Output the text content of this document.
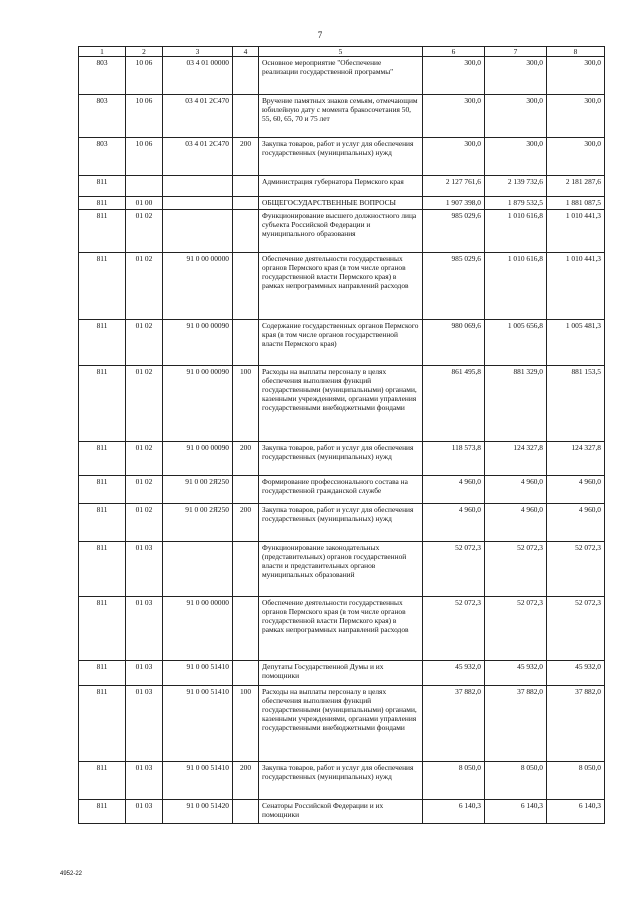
7
1	2	3	4	5	6	7	8
803	10 06	03 4 01 00000		Основное мероприятие "Обеспечение реализации государственной программы"	300,0	300,0	300,0
803	10 06	03 4 01 2С470		Вручение памятных знаков семьям, отмечающим юбилейную дату с момента бракосочетания 50, 55, 60, 65, 70 и 75 лет	300,0	300,0	300,0
803	10 06	03 4 01 2С470	200	Закупка товаров, работ и услуг для обеспечения государственных (муниципальных) нужд	300,0	300,0	300,0
811				Администрация губернатора Пермского края	2 127 761,6	2 139 732,6	2 181 287,6
811	01 00			ОБЩЕГОСУДАРСТВЕННЫЕ ВОПРОСЫ	1 907 398,0	1 879 532,5	1 881 087,5
811	01 02			Функционирование высшего должностного лица субъекта Российской Федерации и муниципального образования	985 029,6	1 010 616,8	1 010 441,3
811	01 02	91 0 00 00000		Обеспечение деятельности государственных органов Пермского края (в том числе органов государственной власти Пермского края) в рамках непрограммных направлений расходов	985 029,6	1 010 616,8	1 010 441,3
811	01 02	91 0 00 00090		Содержание государственных органов Пермского края (в том числе органов государственной власти Пермского края)	980 069,6	1 005 656,8	1 005 481,3
811	01 02	91 0 00 00090	100	Расходы на выплаты персоналу в целях обеспечения выполнения функций государственными (муниципальными) органами, казенными учреждениями, органами управления государственными внебюджетными фондами	861 495,8	881 329,0	881 153,5
811	01 02	91 0 00 00090	200	Закупка товаров, работ и услуг для обеспечения государственных (муниципальных) нужд	118 573,8	124 327,8	124 327,8
811	01 02	91 0 00 2Я250		Формирование профессионального состава на государственной гражданской службе	4 960,0	4 960,0	4 960,0
811	01 02	91 0 00 2Я250	200	Закупка товаров, работ и услуг для обеспечения государственных (муниципальных) нужд	4 960,0	4 960,0	4 960,0
811	01 03			Функционирование законодательных (представительных) органов государственной власти и представительных органов муниципальных образований	52 072,3	52 072,3	52 072,3
811	01 03	91 0 00 00000		Обеспечение деятельности государственных органов Пермского края (в том числе органов государственной власти Пермского края) в рамках непрограммных направлений расходов	52 072,3	52 072,3	52 072,3
811	01 03	91 0 00 51410		Депутаты Государственной Думы и их помощники	45 932,0	45 932,0	45 932,0
811	01 03	91 0 00 51410	100	Расходы на выплаты персоналу в целях обеспечения выполнения функций государственными (муниципальными) органами, казенными учреждениями, органами управления государственными внебюджетными фондами	37 882,0	37 882,0	37 882,0
811	01 03	91 0 00 51410	200	Закупка товаров, работ и услуг для обеспечения государственных (муниципальных) нужд	8 050,0	8 050,0	8 050,0
811	01 03	91 0 00 51420		Сенаторы Российской Федерации и их помощники	6 140,3	6 140,3	6 140,3
4952-22
